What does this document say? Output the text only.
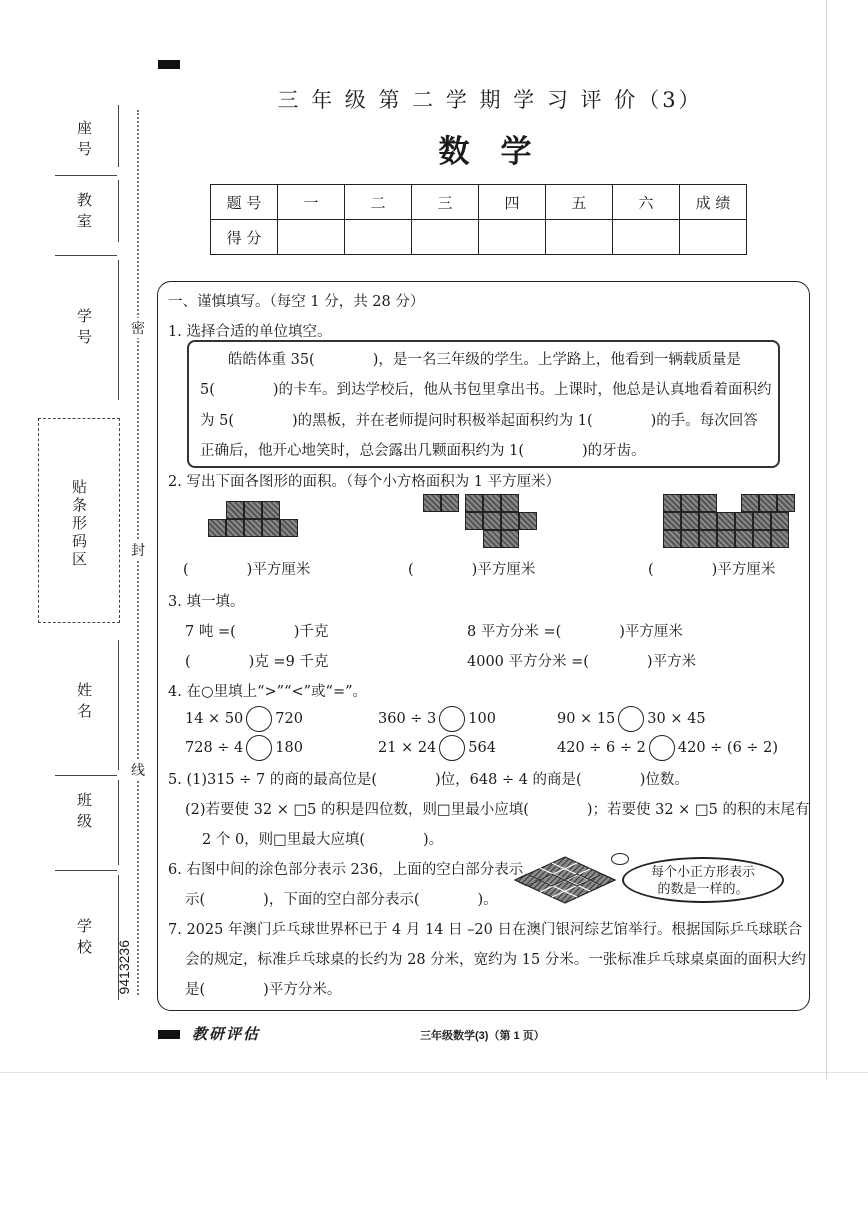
三 年 级 第 二 学 期 学 习 评 价（3）
数　学
题 号	一	二	三	四	五	六	成 绩
得 分							
座号
教室
学号
贴条形码区
姓名
班级
学校
9413236
密
封
线
一、谨慎填写。（每空 1 分，共 28 分）
1. 选择合适的单位填空。
皓皓体重 35(　　　　)，是一名三年级的学生。上学路上，他看到一辆载质量是
5(　　　　)的卡车。到达学校后，他从书包里拿出书。上课时，他总是认真地看着面积约
为 5(　　　　)的黑板，并在老师提问时积极举起面积约为 1(　　　　)的手。每次回答
正确后，他开心地笑时，总会露出几颗面积约为 1(　　　　)的牙齿。
2. 写出下面各图形的面积。（每个小方格面积为 1 平方厘米）
(　　　　)平方厘米	(　　　　)平方厘米	(　　　　)平方厘米
3. 填一填。
7 吨 =(　　　　)千克	8 平方分米 =(　　　　)平方厘米
(　　　　)克 =9 千克	4000 平方分米 =(　　　　)平方米
4. 在○里填上“>”“<”或“=”。
14 × 50 720	360 ÷ 3 100	90 × 15 30 × 45
728 ÷ 4 180	21 × 24 564	420 ÷ 6 ÷ 2 420 ÷ (6 ÷ 2)
5. (1)315 ÷ 7 的商的最高位是(　　　　)位，648 ÷ 4 的商是(　　　　)位数。
(2)若要使 32 × □5 的积是四位数，则□里最小应填(　　　　)；若要使 32 × □5 的积的末尾有
2 个 0，则□里最大应填(　　　　)。
6. 右图中间的涂色部分表示 236，上面的空白部分表示
示(　　　　)，下面的空白部分表示(　　　　)。
每个小正方形表示
的数是一样的。
7. 2025 年澳门乒乓球世界杯已于 4 月 14 日 –20 日在澳门银河综艺馆举行。根据国际乒乓球联合
会的规定，标准乒乓球桌的长约为 28 分米，宽约为 15 分米。一张标准乒乓球桌桌面的面积大约
是(　　　　)平方分米。
教研评估	三年级数学(3)（第 1 页）
